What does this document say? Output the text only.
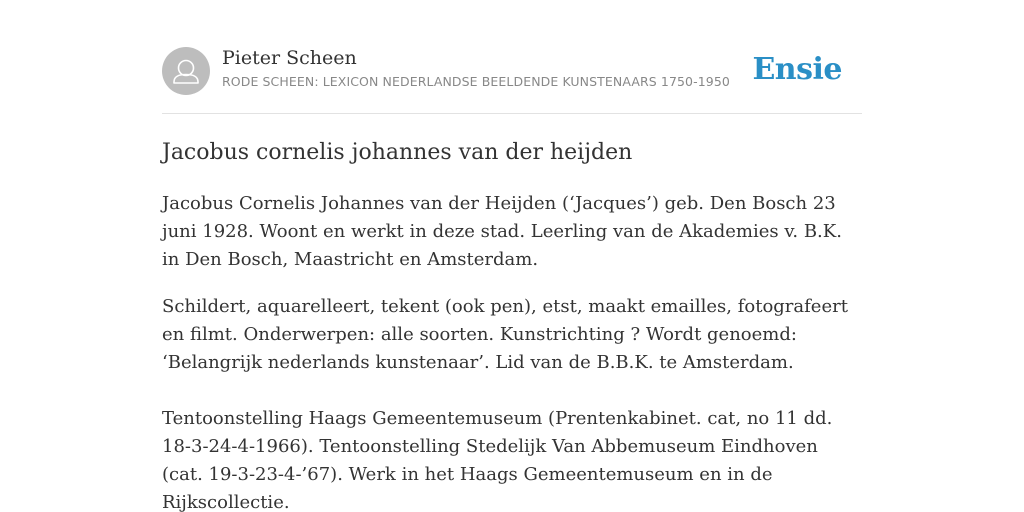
Pieter Scheen
RODE SCHEEN: LEXICON NEDERLANDSE BEELDENDE KUNSTENAARS 1750-1950 Ensie
Jacobus cornelis johannes van der heijden

Jacobus Cornelis Johannes van der Heijden (‘Jacques’) geb. Den Bosch 23 juni 1928. Woont en werkt in deze stad. Leerling van de Akademies v. B.K. in Den Bosch, Maastricht en Amsterdam.

Schildert, aquarelleert, tekent (ook pen), etst, maakt emailles, fotografeert en filmt. Onderwerpen: alle soorten. Kunstrichting ? Wordt genoemd: ‘Belangrijk nederlands kunstenaar’. Lid van de B.B.K. te Amsterdam.

Tentoonstelling Haags Gemeentemuseum (Prentenkabinet. cat, no 11 dd. 18-3-24-4-1966). Tentoonstelling Stedelijk Van Abbemuseum Eindhoven (cat. 19-3-23-4-’67). Werk in het Haags Gemeentemuseum en in de Rijkscollectie.
